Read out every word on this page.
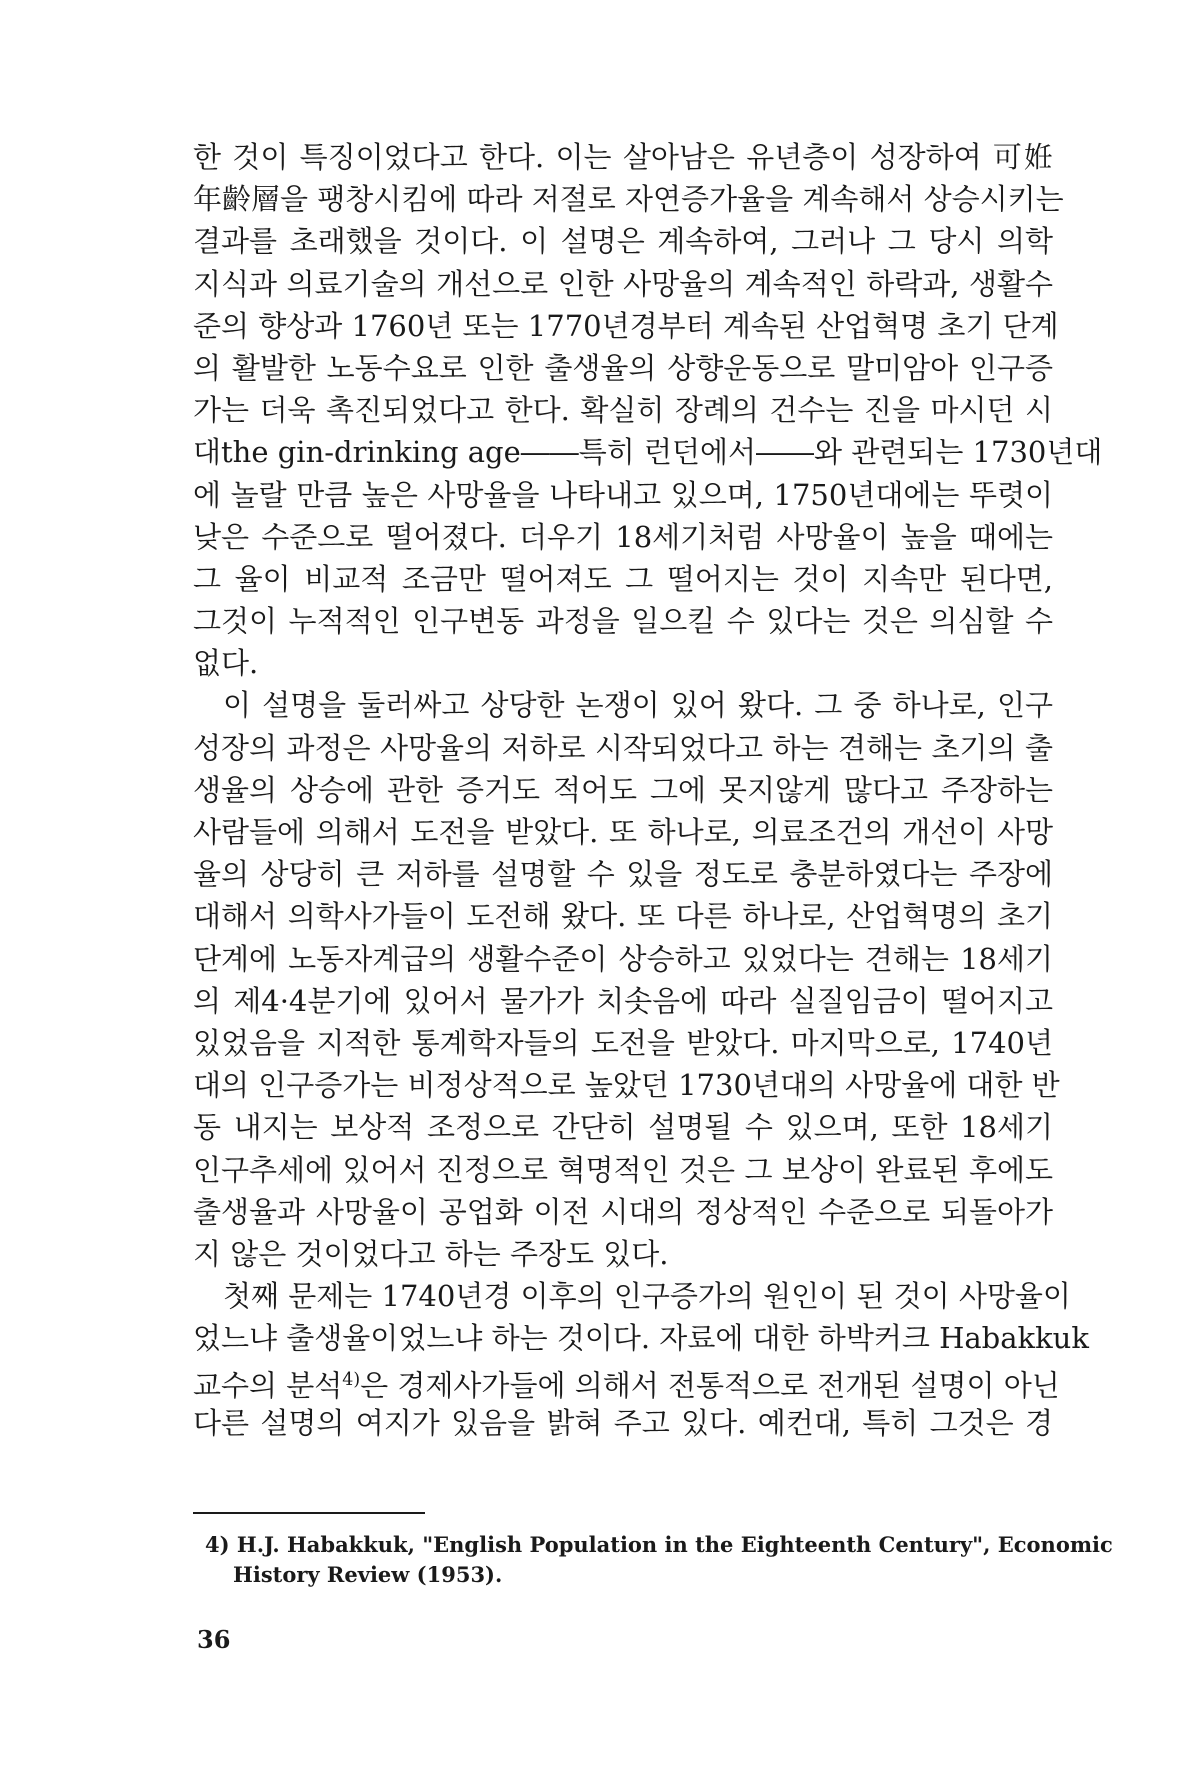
한 것이 특징이었다고 한다. 이는 살아남은 유년층이 성장하여 可姙
年齡層을 팽창시킴에 따라 저절로 자연증가율을 계속해서 상승시키는
결과를 초래했을 것이다. 이 설명은 계속하여, 그러나 그 당시 의학
지식과 의료기술의 개선으로 인한 사망율의 계속적인 하락과, 생활수
준의 향상과 1760년 또는 1770년경부터 계속된 산업혁명 초기 단계
의 활발한 노동수요로 인한 출생율의 상향운동으로 말미암아 인구증
가는 더욱 촉진되었다고 한다. 확실히 장례의 건수는 진을 마시던 시
대the gin-drinking age――특히 런던에서――와 관련되는 1730년대
에 놀랄 만큼 높은 사망율을 나타내고 있으며, 1750년대에는 뚜렷이
낮은 수준으로 떨어졌다. 더우기 18세기처럼 사망율이 높을 때에는
그 율이 비교적 조금만 떨어져도 그 떨어지는 것이 지속만 된다면,
그것이 누적적인 인구변동 과정을 일으킬 수 있다는 것은 의심할 수
없다.
이 설명을 둘러싸고 상당한 논쟁이 있어 왔다. 그 중 하나로, 인구
성장의 과정은 사망율의 저하로 시작되었다고 하는 견해는 초기의 출
생율의 상승에 관한 증거도 적어도 그에 못지않게 많다고 주장하는
사람들에 의해서 도전을 받았다. 또 하나로, 의료조건의 개선이 사망
율의 상당히 큰 저하를 설명할 수 있을 정도로 충분하였다는 주장에
대해서 의학사가들이 도전해 왔다. 또 다른 하나로, 산업혁명의 초기
단계에 노동자계급의 생활수준이 상승하고 있었다는 견해는 18세기
의 제4·4분기에 있어서 물가가 치솟음에 따라 실질임금이 떨어지고
있었음을 지적한 통계학자들의 도전을 받았다. 마지막으로, 1740년
대의 인구증가는 비정상적으로 높았던 1730년대의 사망율에 대한 반
동 내지는 보상적 조정으로 간단히 설명될 수 있으며, 또한 18세기
인구추세에 있어서 진정으로 혁명적인 것은 그 보상이 완료된 후에도
출생율과 사망율이 공업화 이전 시대의 정상적인 수준으로 되돌아가
지 않은 것이었다고 하는 주장도 있다.
첫째 문제는 1740년경 이후의 인구증가의 원인이 된 것이 사망율이
었느냐 출생율이었느냐 하는 것이다. 자료에 대한 하박커크 Habakkuk
교수의 분석$^{4)}$은 경제사가들에 의해서 전통적으로 전개된 설명이 아닌
다른 설명의 여지가 있음을 밝혀 주고 있다. 예컨대, 특히 그것은 경
4) H.J. Habakkuk, "English Population in the Eighteenth Century", Economic
History Review (1953).
36
